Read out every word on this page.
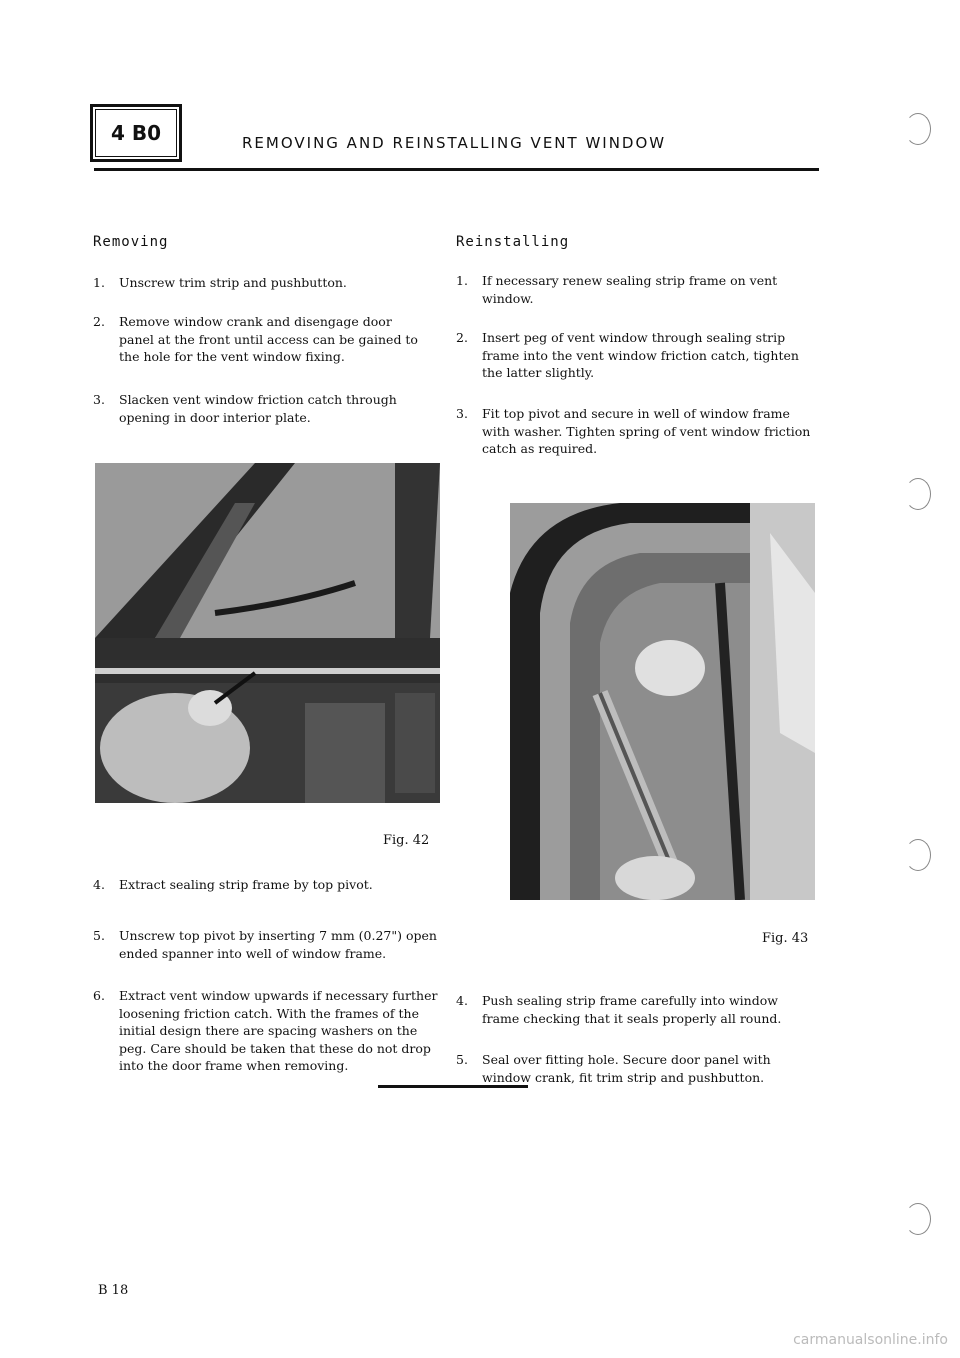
4 B0	REMOVING AND REINSTALLING VENT WINDOW
Removing
1.	Unscrew trim strip and pushbutton.
2.	Remove window crank and disengage door panel at the front until access can be gained to the hole for the vent window fixing.
3.	Slacken vent window friction catch through opening in door interior plate.
Fig. 42
4.	Extract sealing strip frame by top pivot.
5.	Unscrew top pivot by inserting 7 mm (0.27") open ended spanner into well of window frame.
6.	Extract vent window upwards if necessary further loosening friction catch. With the frames of the initial design there are spacing washers on the peg. Care should be taken that these do not drop into the door frame when removing.
Reinstalling
1.	If necessary renew sealing strip frame on vent window.
2.	Insert peg of vent window through sealing strip frame into the vent window friction catch, tighten the latter slightly.
3.	Fit top pivot and secure in well of window frame with washer. Tighten spring of vent window friction catch as required.
Fig. 43
4.	Push sealing strip frame carefully into window frame checking that it seals properly all round.
5.	Seal over fitting hole. Secure door panel with window crank, fit trim strip and pushbutton.
B 18
carmanualsonline.info
